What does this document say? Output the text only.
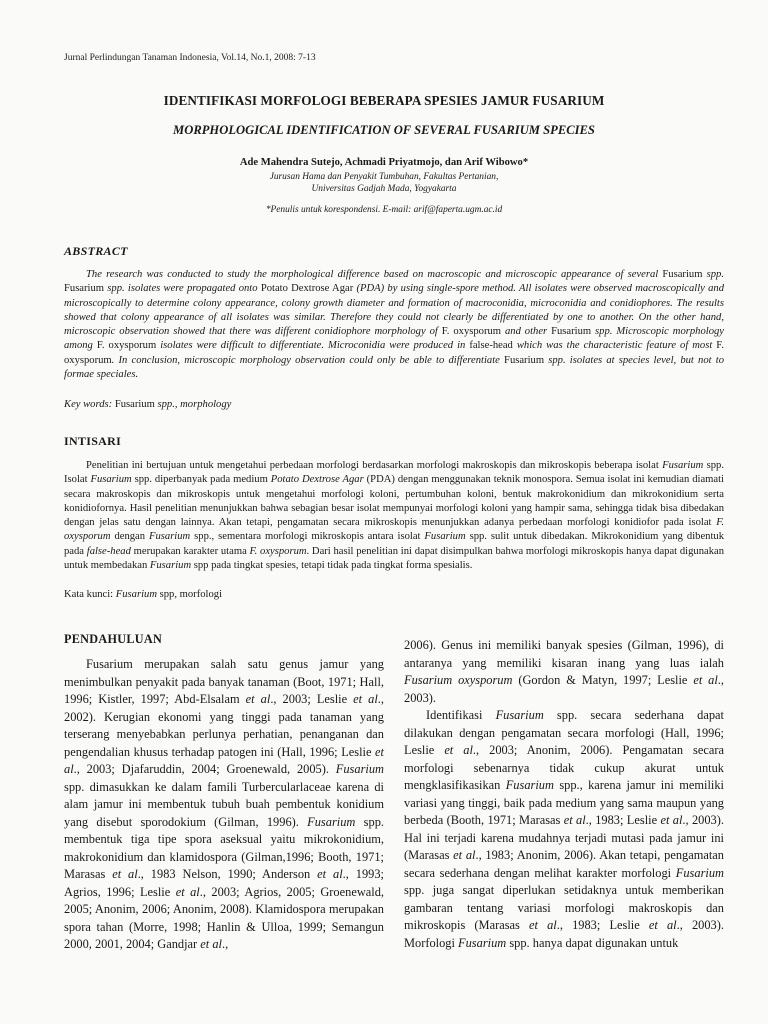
Jurnal Perlindungan Tanaman Indonesia, Vol.14, No.1, 2008: 7-13
IDENTIFIKASI MORFOLOGI BEBERAPA SPESIES JAMUR FUSARIUM
MORPHOLOGICAL IDENTIFICATION OF SEVERAL FUSARIUM SPECIES
Ade Mahendra Sutejo, Achmadi Priyatmojo, dan Arif Wibowo*
Jurusan Hama dan Penyakit Tumbuhan, Fakultas Pertanian,
Universitas Gadjah Mada, Yogyakarta
*Penulis untuk korespondensi. E-mail: arif@faperta.ugm.ac.id
ABSTRACT
The research was conducted to study the morphological difference based on macroscopic and microscopic appearance of several Fusarium spp. Fusarium spp. isolates were propagated onto Potato Dextrose Agar (PDA) by using single-spore method. All isolates were observed macroscopically and microscopically to determine colony appearance, colony growth diameter and formation of macroconidia, microconidia and conidiophores. The results showed that colony appearance of all isolates was similar. Therefore they could not clearly be differentiated by one to another. On the other hand, microscopic observation showed that there was different conidiophore morphology of F. oxysporum and other Fusarium spp. Microscopic morphology among F. oxysporum isolates were difficult to differentiate. Microconidia were produced in false-head which was the characteristic feature of most F. oxysporum. In conclusion, microscopic morphology observation could only be able to differentiate Fusarium spp. isolates at species level, but not to formae speciales.
Key words: Fusarium spp., morphology
INTISARI
Penelitian ini bertujuan untuk mengetahui perbedaan morfologi berdasarkan morfologi makroskopis dan mikroskopis beberapa isolat Fusarium spp. Isolat Fusarium spp. diperbanyak pada medium Potato Dextrose Agar (PDA) dengan menggunakan teknik monospora. Semua isolat ini kemudian diamati secara makroskopis dan mikroskopis untuk mengetahui morfologi koloni, pertumbuhan koloni, bentuk makrokonidium dan mikrokonidium serta konidiofornya. Hasil penelitian menunjukkan bahwa sebagian besar isolat mempunyai morfologi koloni yang hampir sama, sehingga tidak bisa dibedakan dengan jelas satu dengan lainnya. Akan tetapi, pengamatan secara mikroskopis menunjukkan adanya perbedaan morfologi konidiofor pada isolat F. oxysporum dengan Fusarium spp., sementara morfologi mikroskopis antara isolat Fusarium spp. sulit untuk dibedakan. Mikrokonidium yang dibentuk pada false-head merupakan karakter utama F. oxysporum. Dari hasil penelitian ini dapat disimpulkan bahwa morfologi mikroskopis hanya dapat digunakan untuk membedakan Fusarium spp pada tingkat spesies, tetapi tidak pada tingkat forma spesialis.
Kata kunci: Fusarium spp, morfologi
PENDAHULUAN

Fusarium merupakan salah satu genus jamur yang menimbulkan penyakit pada banyak tanaman (Boot, 1971; Hall, 1996; Kistler, 1997; Abd-Elsalam et al., 2003; Leslie et al., 2002). Kerugian ekonomi yang tinggi pada tanaman yang terserang menyebabkan perlunya perhatian, penanganan dan pengendalian khusus terhadap patogen ini (Hall, 1996; Leslie et al., 2003; Djafaruddin, 2004; Groenewald, 2005). Fusarium spp. dimasukkan ke dalam famili Turbercularlaceae karena di alam jamur ini membentuk tubuh buah pembentuk konidium yang disebut sporodokium (Gilman, 1996). Fusarium spp. membentuk tiga tipe spora aseksual yaitu mikrokonidium, makrokonidium dan klamidospora (Gilman,1996; Booth, 1971; Marasas et al., 1983 Nelson, 1990; Anderson et al., 1993; Agrios, 1996; Leslie et al., 2003; Agrios, 2005; Groenewald, 2005; Anonim, 2006; Anonim, 2008). Klamidospora merupakan spora tahan (Morre, 1998; Hanlin & Ulloa, 1999; Semangun 2000, 2001, 2004; Gandjar et al.,

2006). Genus ini memiliki banyak spesies (Gilman, 1996), di antaranya yang memiliki kisaran inang yang luas ialah Fusarium oxysporum (Gordon & Matyn, 1997; Leslie et al., 2003).

Identifikasi Fusarium spp. secara sederhana dapat dilakukan dengan pengamatan secara morfologi (Hall, 1996; Leslie et al., 2003; Anonim, 2006). Pengamatan secara morfologi sebenarnya tidak cukup akurat untuk mengklasifikasikan Fusarium spp., karena jamur ini memiliki variasi yang tinggi, baik pada medium yang sama maupun yang berbeda (Booth, 1971; Marasas et al., 1983; Leslie et al., 2003). Hal ini terjadi karena mudahnya terjadi mutasi pada jamur ini (Marasas et al., 1983; Anonim, 2006). Akan tetapi, pengamatan secara sederhana dengan melihat karakter morfologi Fusarium spp. juga sangat diperlukan setidaknya untuk memberikan gambaran tentang variasi morfologi makroskopis dan mikroskopis (Marasas et al., 1983; Leslie et al., 2003). Morfologi Fusarium spp. hanya dapat digunakan untuk
